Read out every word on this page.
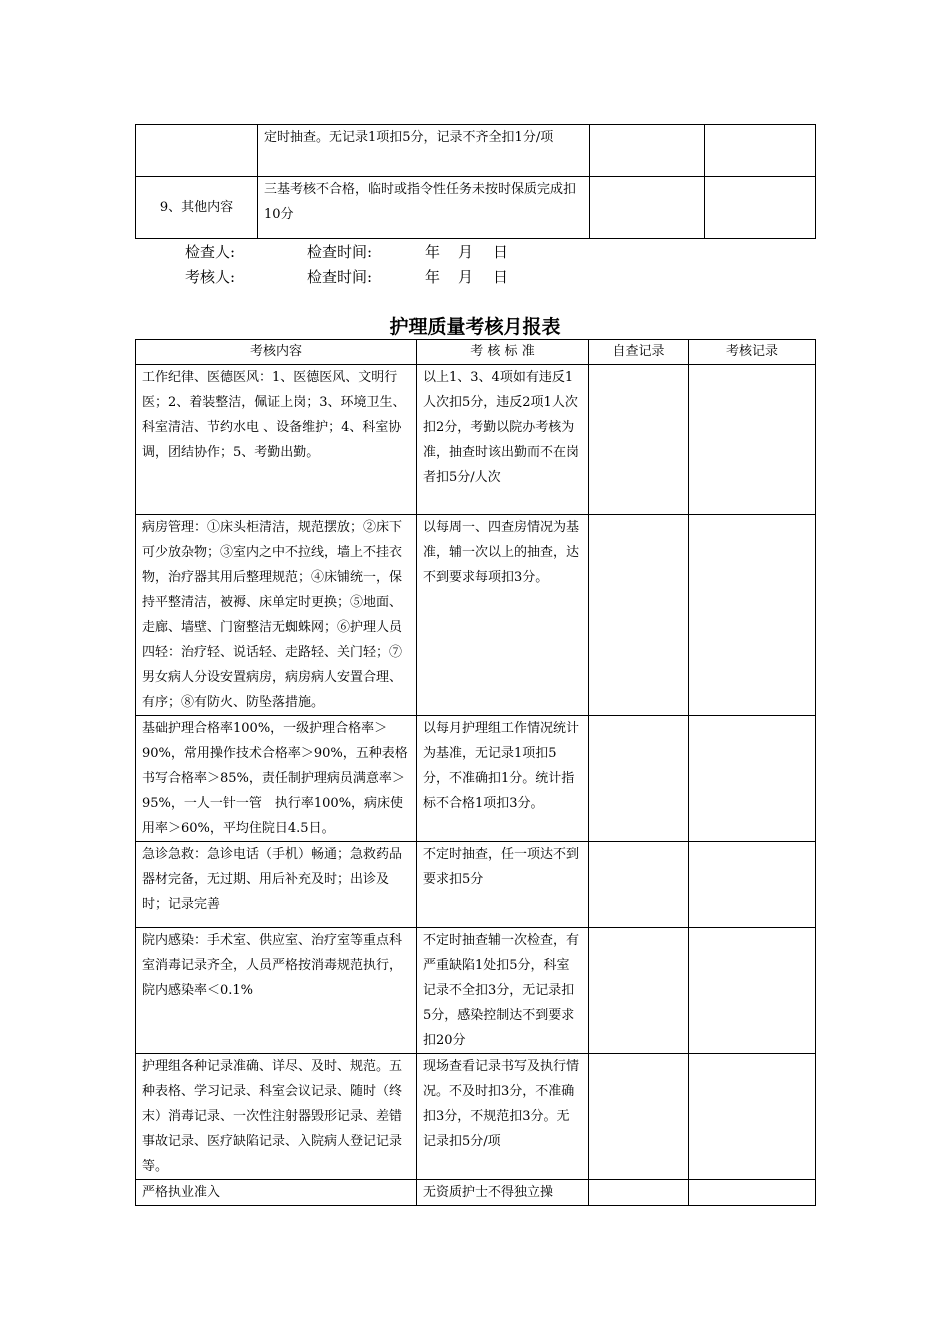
	定时抽查。无记录1项扣5分，记录不齐全扣1分/项		
9、其他内容	三基考核不合格，临时或指令性任务未按时保质完成扣10分		
检查人:	检查时间:	年 月 日
考核人:	检查时间:	年 月 日
护理质量考核月报表
考核内容	考 核 标 准	自查记录	考核记录
工作纪律、医德医风：1、医德医风、文明行医；2、着装整洁，佩证上岗；3、环境卫生、科室清洁、节约水电 、设备维护；4、科室协调，团结协作；5、考勤出勤。	以上1、3、4项如有违反1人次扣5分，违反2项1人次扣2分，考勤以院办考核为准，抽查时该出勤而不在岗者扣5分/人次		
病房管理：①床头柜清洁，规范摆放；②床下可少放杂物；③室内之中不拉线，墙上不挂衣物，治疗器其用后整理规范；④床铺统一，保持平整清洁，被褥、床单定时更换；⑤地面、走廊、墙壁、门窗整洁无蜘蛛网；⑥护理人员四轻：治疗轻、说话轻、走路轻、关门轻；⑦男女病人分设安置病房，病房病人安置合理、有序；⑧有防火、防坠落措施。	以每周一、四查房情况为基准，辅一次以上的抽查，达不到要求每项扣3分。		
基础护理合格率100%，一级护理合格率＞90%，常用操作技术合格率＞90%，五种表格书写合格率＞85%，责任制护理病员满意率＞95%，一人一针一管　执行率100%，病床使用率＞60%，平均住院日4.5日。	以每月护理组工作情况统计为基准，无记录1项扣5分，不准确扣1分。统计指标不合格1项扣3分。		
急诊急救：急诊电话（手机）畅通；急救药品器材完备，无过期、用后补充及时；出诊及时；记录完善	不定时抽查，任一项达不到要求扣5分		
院内感染：手术室、供应室、治疗室等重点科室消毒记录齐全，人员严格按消毒规范执行，院内感染率＜0.1%	不定时抽查辅一次检查，有严重缺陷1处扣5分，科室记录不全扣3分，无记录扣5分，感染控制达不到要求扣20分		
护理组各种记录准确、详尽、及时、规范。五种表格、学习记录、科室会议记录、随时（终末）消毒记录、一次性注射器毁形记录、差错事故记录、医疗缺陷记录、入院病人登记记录等。	现场查看记录书写及执行情况。不及时扣3分，不准确扣3分，不规范扣3分。无记录扣5分/项		
严格执业准入	无资质护士不得独立操		
